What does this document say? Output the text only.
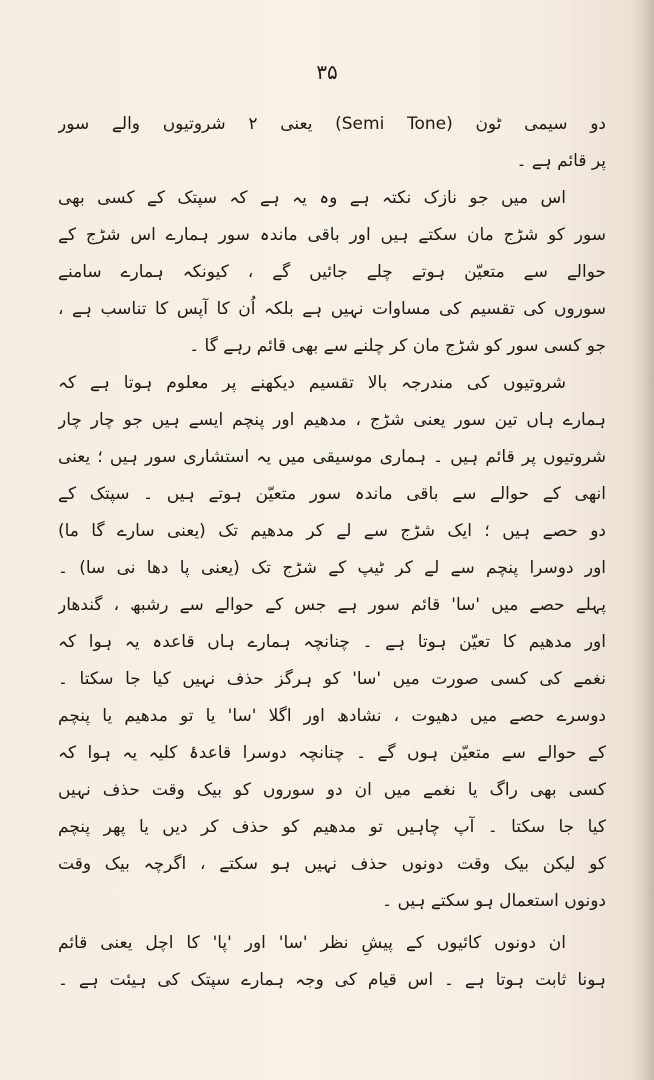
۳۵
دو سیمی ٹون (Semi Tone) یعنی ۲ شروتیوں والے سور
پر قائم ہے ۔
اس میں جو نازک نکتہ ہے وہ یہ ہے کہ سپتک کے کسی بھی
سور کو شڑج مان سکتے ہیں اور باقی ماندہ سور ہمارے اس شڑج کے
حوالے سے متعیّن ہوتے چلے جائیں گے ، کیونکہ ہمارے سامنے
سوروں کی تقسیم کی مساوات نہیں ہے بلکہ اُن کا آپس کا تناسب ہے ،
جو کسی سور کو شڑج مان کر چلنے سے بھی قائم رہے گا ۔
شروتیوں کی مندرجہ بالا تقسیم دیکھنے پر معلوم ہوتا ہے کہ
ہمارے ہاں تین سور یعنی شڑج ، مدھیم اور پنچم ایسے ہیں جو چار چار
شروتیوں پر قائم ہیں ۔ ہماری موسیقی میں یہ استشاری سور ہیں ؛ یعنی
انھی کے حوالے سے باقی ماندہ سور متعیّن ہوتے ہیں ۔ سپتک کے
دو حصے ہیں ؛ ایک شڑج سے لے کر مدھیم تک (یعنی سارے گا ما)
اور دوسرا پنچم سے لے کر ٹیپ کے شڑج تک (یعنی پا دھا نی سا) ۔
پہلے حصے میں 'سا' قائم سور ہے جس کے حوالے سے رشبھ ، گندھار
اور مدھیم کا تعیّن ہوتا ہے ۔ چنانچہ ہمارے ہاں قاعدہ یہ ہوا کہ
نغمے کی کسی صورت میں 'سا' کو ہرگز حذف نہیں کیا جا سکتا ۔
دوسرے حصے میں دھیوت ، نشادھ اور اگلا 'سا' یا تو مدھیم یا پنچم
کے حوالے سے متعیّن ہوں گے ۔ چنانچہ دوسرا قاعدۂ کلیہ یہ ہوا کہ
کسی بھی راگ یا نغمے میں ان دو سوروں کو بیک وقت حذف نہیں
کیا جا سکتا ۔ آپ چاہیں تو مدھیم کو حذف کر دیں یا پھر پنچم
کو لیکن بیک وقت دونوں حذف نہیں ہو سکتے ، اگرچہ بیک وقت
دونوں استعمال ہو سکتے ہیں ۔
ان دونوں کائیوں کے پیشِ نظر 'سا' اور 'پا' کا اچل یعنی قائم
ہونا ثابت ہوتا ہے ۔ اس قیام کی وجہ ہمارے سپتک کی ہیئت ہے ۔
